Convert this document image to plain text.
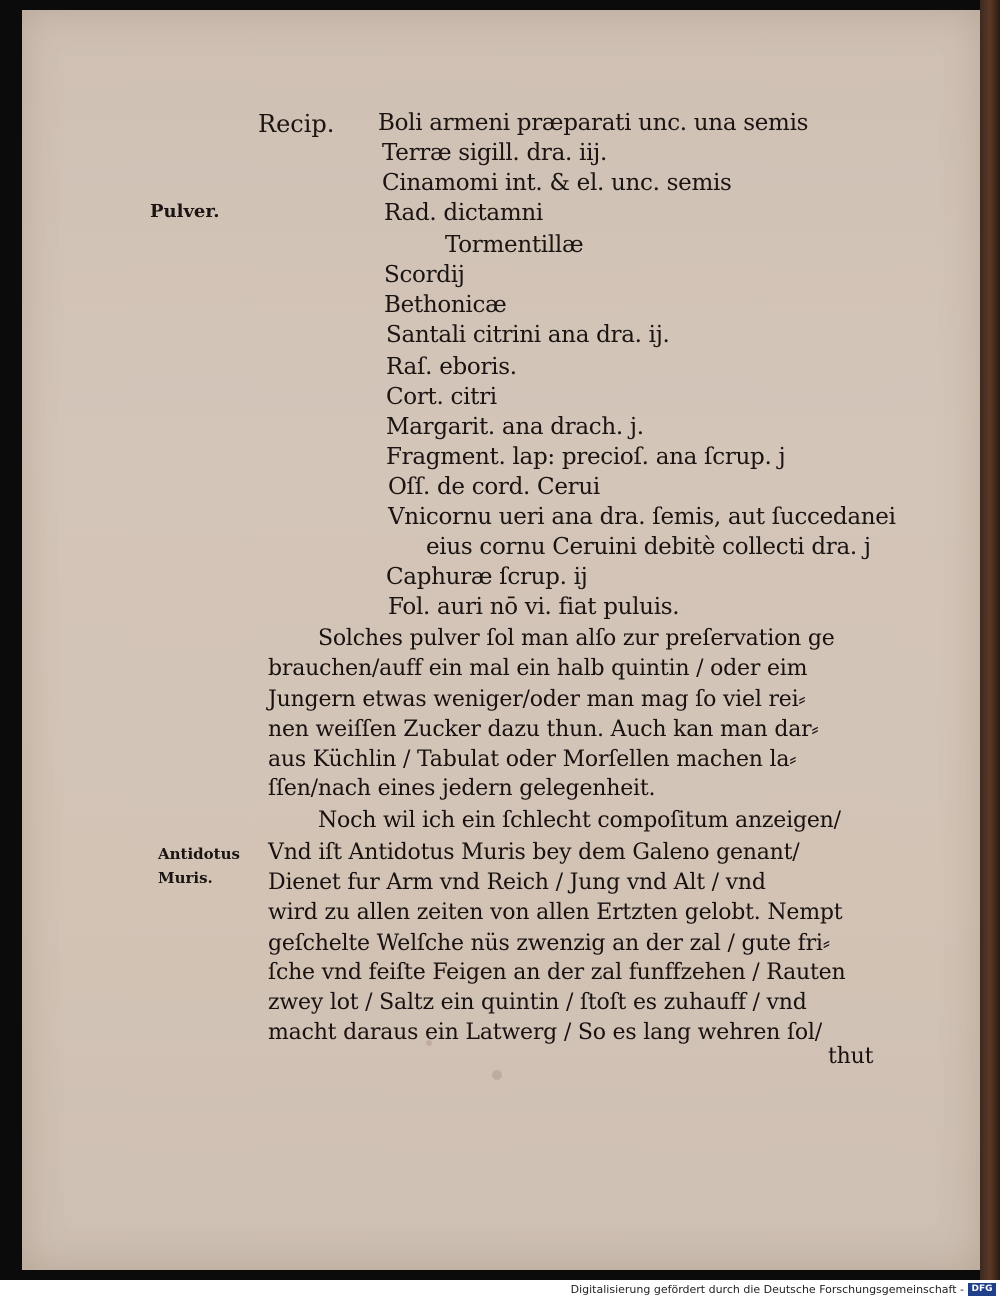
Recip.
Pulver.
Antidotus
Muris.
Boli armeni præparati unc. una semis
Terræ sigill. dra. iij.
Cinamomi int. & el. unc. semis
Rad. dictamni
Tormentillæ
Scordij
Bethonicæ
Santali citrini ana dra. ij.
Raſ. eboris.
Cort. citri
Margarit. ana drach. j.
Fragment. lap: precioſ. ana ſcrup. j
Oſſ. de cord. Cerui
Vnicornu ueri ana dra. ſemis, aut ſuccedanei
eius cornu Ceruini debitè collecti dra. j
Caphuræ ſcrup. ij
Fol. auri nō vi. fiat puluis.
Solches pulver ſol man alſo zur preſervation ge
brauchen/auff ein mal ein halb quintin / oder eim
Jungern etwas weniger/oder man mag ſo viel rei⸗
nen weiſſen Zucker dazu thun. Auch kan man dar⸗
aus Küchlin / Tabulat oder Morſellen machen la⸗
ſſen/nach eines jedern gelegenheit.
Noch wil ich ein ſchlecht compoſitum anzeigen/
Vnd iſt Antidotus Muris bey dem Galeno genant/
Dienet fur Arm vnd Reich / Jung vnd Alt / vnd
wird zu allen zeiten von allen Ertzten gelobt. Nempt
geſchelte Welſche nüs zwenzig an der zal / gute fri⸗
ſche vnd feiſte Feigen an der zal funffzehen / Rauten
zwey lot / Saltz ein quintin / ſtoſt es zuhauff / vnd
macht daraus ein Latwerg / So es lang wehren ſol/
thut
Digitalisierung gefördert durch die Deutsche Forschungsgemeinschaft - DFG
